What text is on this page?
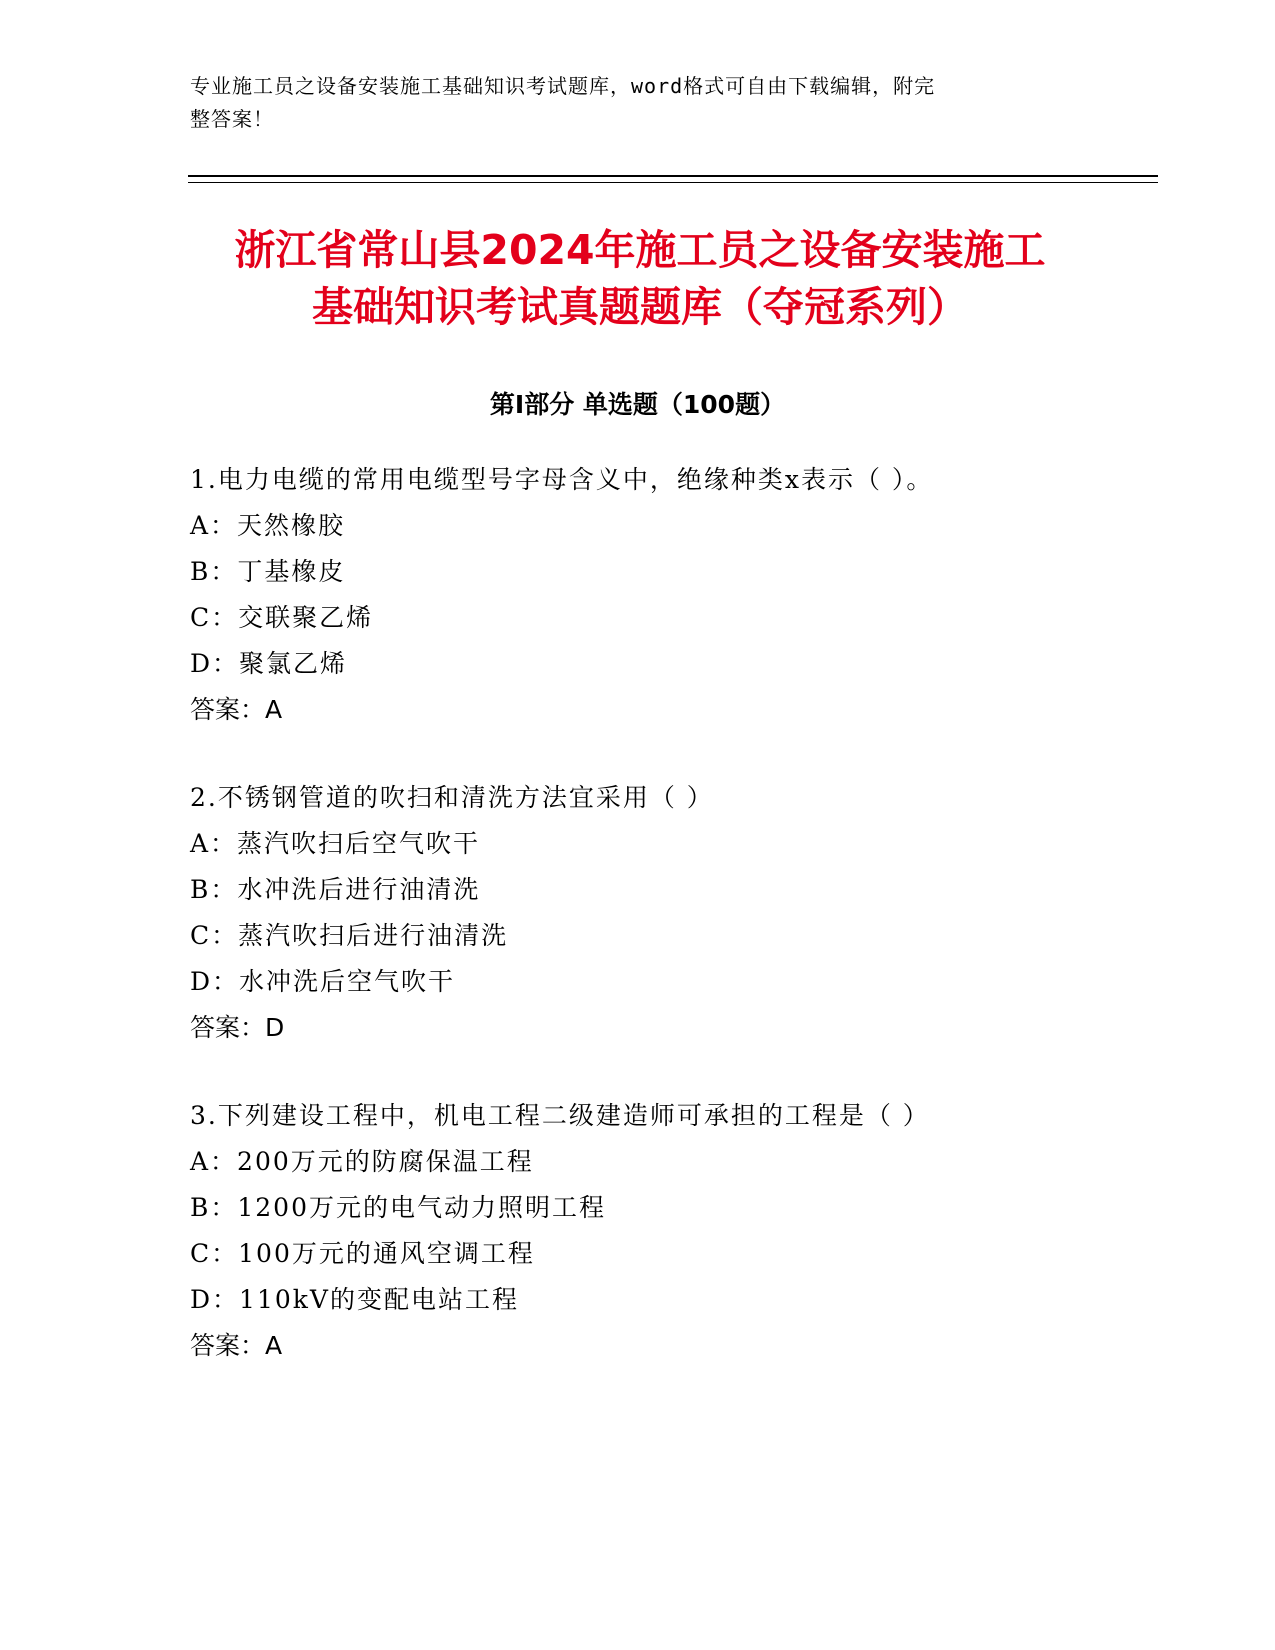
专业施工员之设备安装施工基础知识考试题库，word格式可自由下载编辑，附完
整答案！
浙江省常山县2024年施工员之设备安装施工
基础知识考试真题题库（夺冠系列）
第Ⅰ部分 单选题（100题）
1.电力电缆的常用电缆型号字母含义中，绝缘种类x表示（ ）。
A：天然橡胶
B：丁基橡皮
C：交联聚乙烯
D：聚氯乙烯
答案：A
2.不锈钢管道的吹扫和清洗方法宜采用（ ）
A：蒸汽吹扫后空气吹干
B：水冲洗后进行油清洗
C：蒸汽吹扫后进行油清洗
D：水冲洗后空气吹干
答案：D
3.下列建设工程中，机电工程二级建造师可承担的工程是（ ）
A：200万元的防腐保温工程
B：1200万元的电气动力照明工程
C：100万元的通风空调工程
D：110kV的变配电站工程
答案：A
